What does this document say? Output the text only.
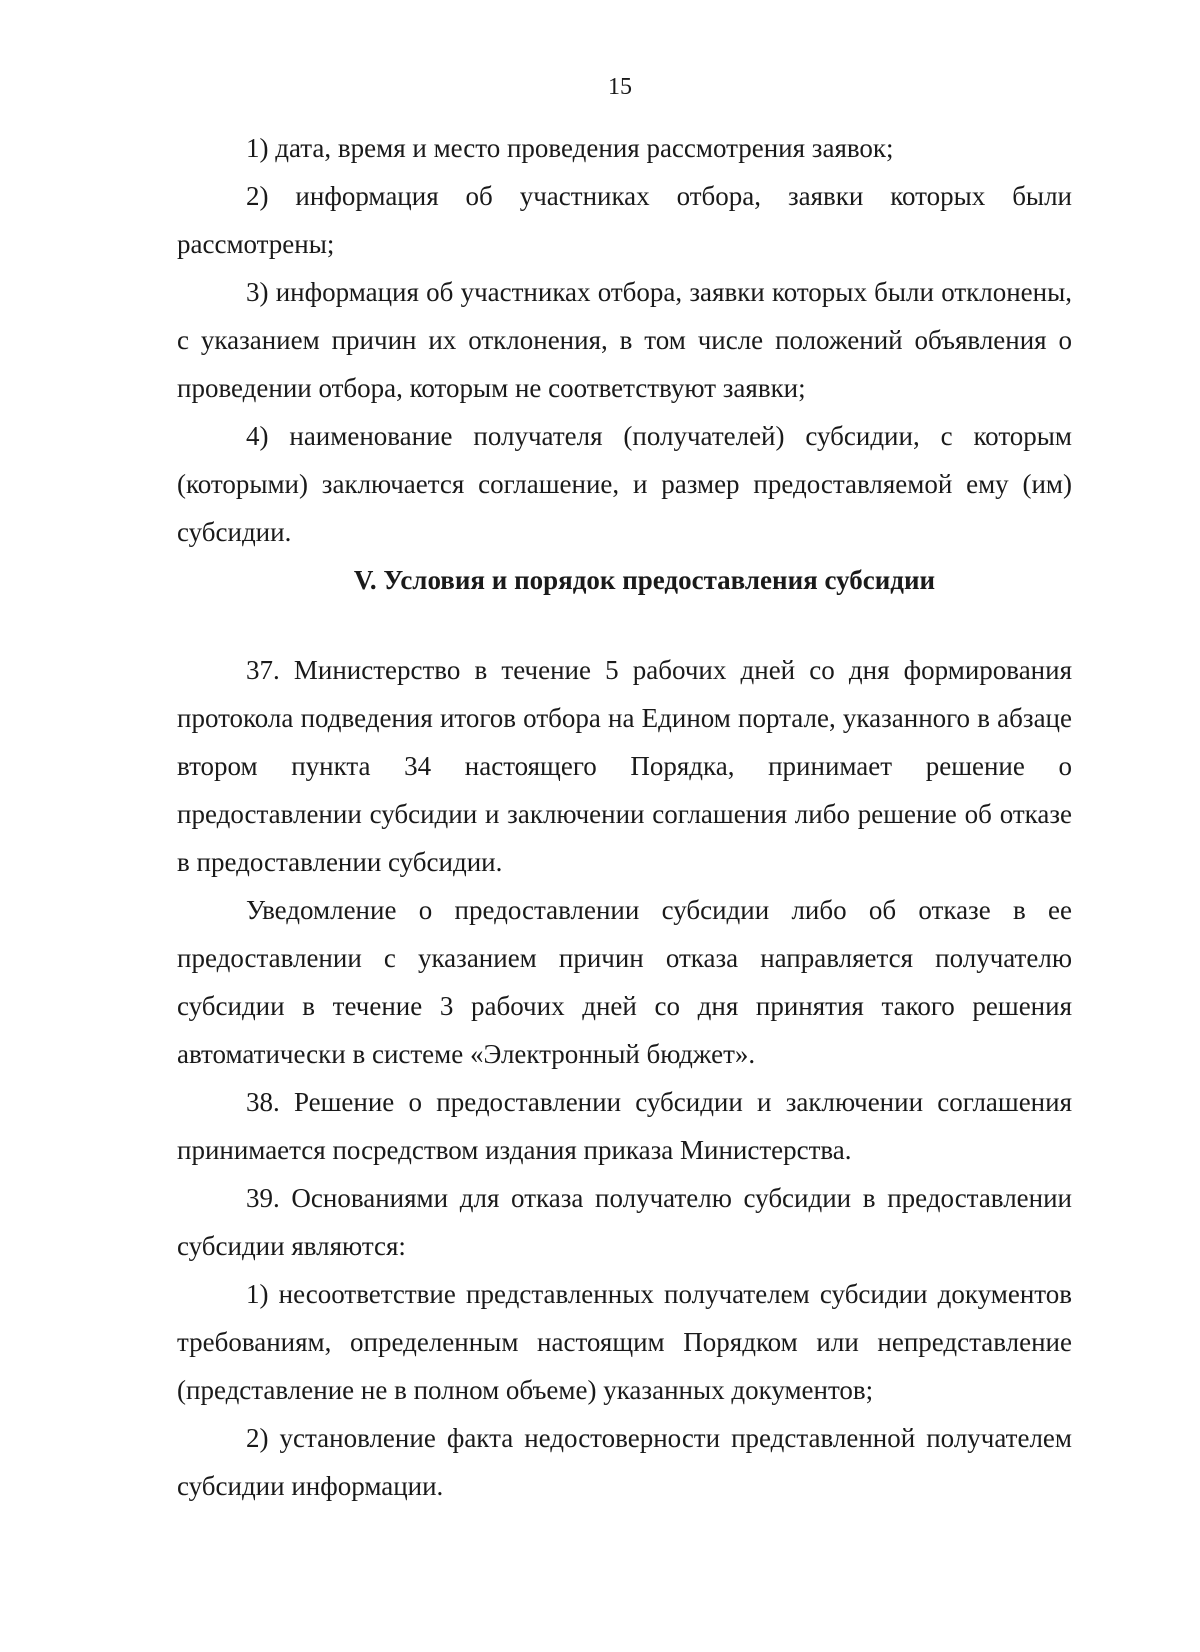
15

1) дата, время и место проведения рассмотрения заявок;

2) информация об участниках отбора, заявки которых были рассмотрены;

3) информация об участниках отбора, заявки которых были отклонены, с указанием причин их отклонения, в том числе положений объявления о проведении отбора, которым не соответствуют заявки;

4) наименование получателя (получателей) субсидии, с которым (которыми) заключается соглашение, и размер предоставляемой ему (им) субсидии.

V. Условия и порядок предоставления субсидии

37. Министерство в течение 5 рабочих дней со дня формирования протокола подведения итогов отбора на Едином портале, указанного в абзаце втором пункта 34 настоящего Порядка, принимает решение о предоставлении субсидии и заключении соглашения либо решение об отказе в предоставлении субсидии.

Уведомление о предоставлении субсидии либо об отказе в ее предоставлении с указанием причин отказа направляется получателю субсидии в течение 3 рабочих дней со дня принятия такого решения автоматически в системе «Электронный бюджет».

38. Решение о предоставлении субсидии и заключении соглашения принимается посредством издания приказа Министерства.

39. Основаниями для отказа получателю субсидии в предоставлении субсидии являются:

1) несоответствие представленных получателем субсидии документов требованиям, определенным настоящим Порядком или непредставление (представление не в полном объеме) указанных документов;

2) установление факта недостоверности представленной получателем субсидии информации.
